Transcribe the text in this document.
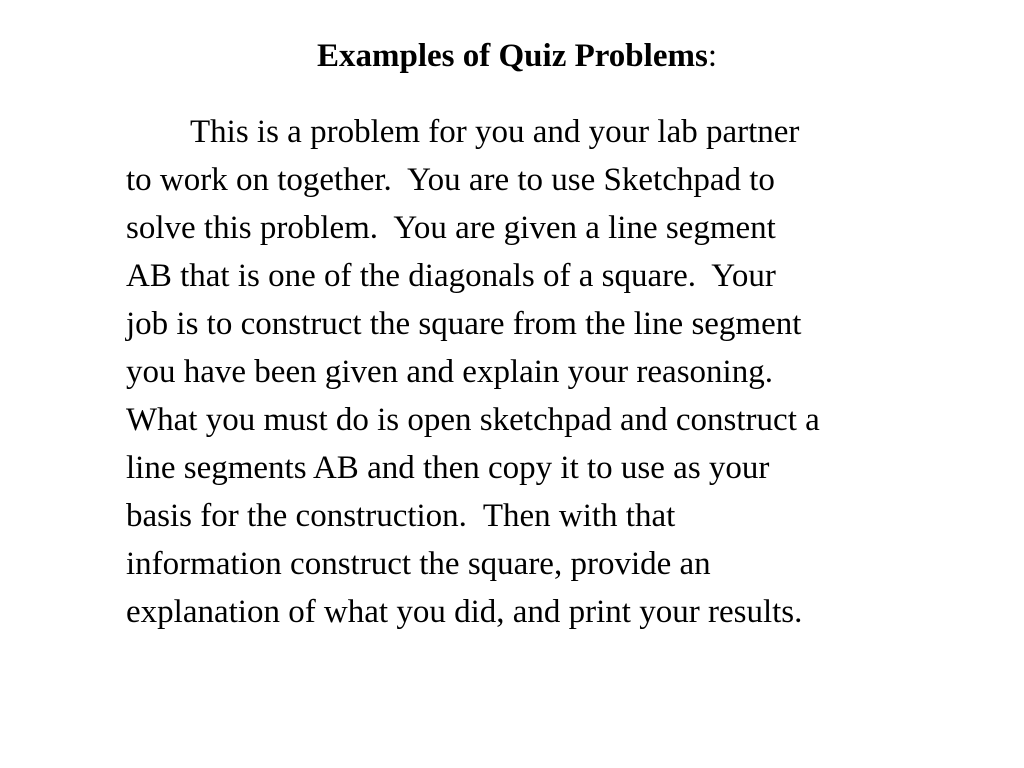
Examples of Quiz Problems:
This is a problem for you and your lab partner
to work on together.  You are to use Sketchpad to
solve this problem.  You are given a line segment
AB that is one of the diagonals of a square.  Your
job is to construct the square from the line segment
you have been given and explain your reasoning.
What you must do is open sketchpad and construct a
line segments AB and then copy it to use as your
basis for the construction.  Then with that
information construct the square, provide an
explanation of what you did, and print your results.
